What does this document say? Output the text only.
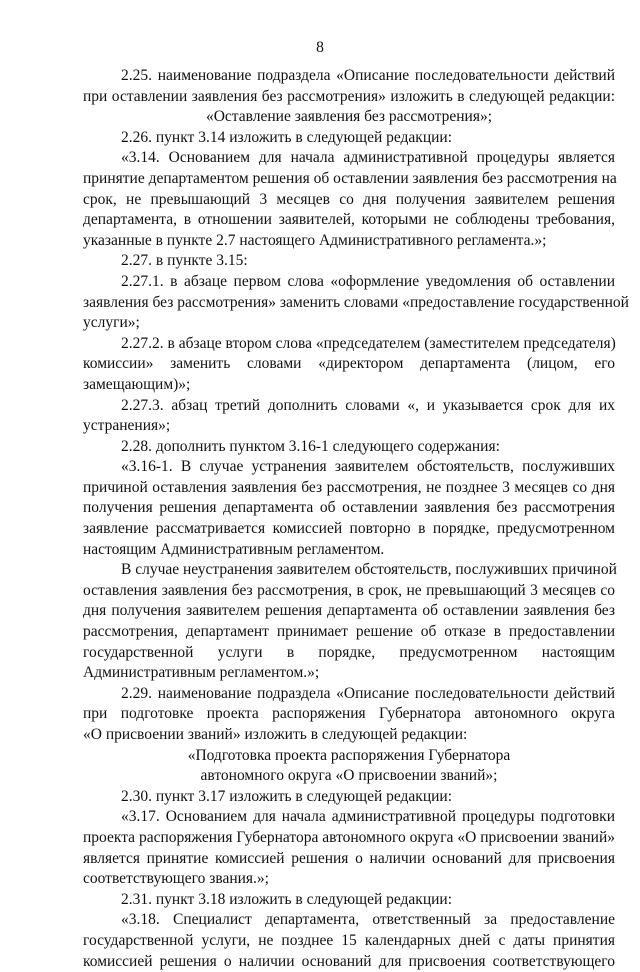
8
2.25. наименование подраздела «Описание последовательности действий
при оставлении заявления без рассмотрения» изложить в следующей редакции:
«Оставление заявления без рассмотрения»;
2.26. пункт 3.14 изложить в следующей редакции:
«3.14. Основанием для начала административной процедуры является
принятие департаментом решения об оставлении заявления без рассмотрения на
срок, не превышающий 3 месяцев со дня получения заявителем решения
департамента, в отношении заявителей, которыми не соблюдены требования,
указанные в пункте 2.7 настоящего Административного регламента.»;
2.27. в пункте 3.15:
2.27.1. в абзаце первом слова «оформление уведомления об оставлении
заявления без рассмотрения» заменить словами «предоставление государственной
услуги»;
2.27.2. в абзаце втором слова «председателем (заместителем председателя)
комиссии» заменить словами «директором департамента (лицом, его
замещающим)»;
2.27.3. абзац третий дополнить словами «, и указывается срок для их
устранения»;
2.28. дополнить пунктом 3.16-1 следующего содержания:
«3.16-1. В случае устранения заявителем обстоятельств, послуживших
причиной оставления заявления без рассмотрения, не позднее 3 месяцев со дня
получения решения департамента об оставлении заявления без рассмотрения
заявление рассматривается комиссией повторно в порядке, предусмотренном
настоящим Административным регламентом.
В случае неустранения заявителем обстоятельств, послуживших причиной
оставления заявления без рассмотрения, в срок, не превышающий 3 месяцев со
дня получения заявителем решения департамента об оставлении заявления без
рассмотрения, департамент принимает решение об отказе в предоставлении
государственной услуги в порядке, предусмотренном настоящим
Административным регламентом.»;
2.29. наименование подраздела «Описание последовательности действий
при подготовке проекта распоряжения Губернатора автономного округа
«О присвоении званий» изложить в следующей редакции:
«Подготовка проекта распоряжения Губернатора
автономного округа «О присвоении званий»;
2.30. пункт 3.17 изложить в следующей редакции:
«3.17. Основанием для начала административной процедуры подготовки
проекта распоряжения Губернатора автономного округа «О присвоении званий»
является принятие комиссией решения о наличии оснований для присвоения
соответствующего звания.»;
2.31. пункт 3.18 изложить в следующей редакции:
«3.18. Специалист департамента, ответственный за предоставление
государственной услуги, не позднее 15 календарных дней с даты принятия
комиссией решения о наличии оснований для присвоения соответствующего
